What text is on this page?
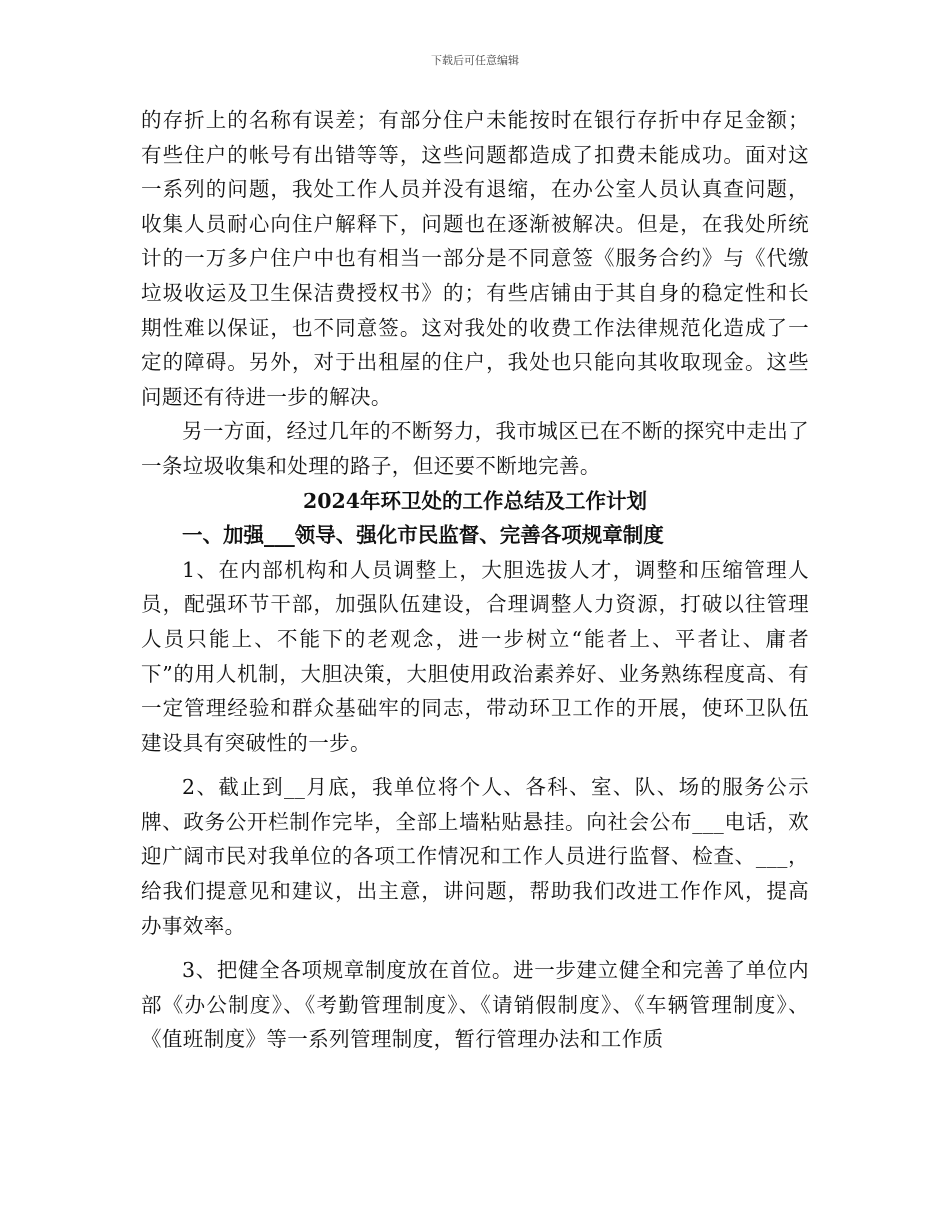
下载后可任意编辑

的存折上的名称有误差；有部分住户未能按时在银行存折中存足金额；有些住户的帐号有出错等等，这些问题都造成了扣费未能成功。面对这一系列的问题，我处工作人员并没有退缩，在办公室人员认真查问题，收集人员耐心向住户解释下，问题也在逐渐被解决。但是，在我处所统计的一万多户住户中也有相当一部分是不同意签《服务合约》与《代缴垃圾收运及卫生保洁费授权书》的；有些店铺由于其自身的稳定性和长期性难以保证，也不同意签。这对我处的收费工作法律规范化造成了一定的障碍。另外，对于出租屋的住户，我处也只能向其收取现金。这些问题还有待进一步的解决。

另一方面，经过几年的不断努力，我市城区已在不断的探究中走出了一条垃圾收集和处理的路子，但还要不断地完善。

2024年环卫处的工作总结及工作计划

一、加强___领导、强化市民监督、完善各项规章制度

1、在内部机构和人员调整上，大胆选拔人才，调整和压缩管理人员，配强环节干部，加强队伍建设，合理调整人力资源，打破以往管理人员只能上、不能下的老观念，进一步树立“能者上、平者让、庸者下”的用人机制，大胆决策，大胆使用政治素养好、业务熟练程度高、有一定管理经验和群众基础牢的同志，带动环卫工作的开展，使环卫队伍建设具有突破性的一步。

2、截止到__月底，我单位将个人、各科、室、队、场的服务公示牌、政务公开栏制作完毕，全部上墙粘贴悬挂。向社会公布___电话，欢迎广阔市民对我单位的各项工作情况和工作人员进行监督、检查、___，给我们提意见和建议，出主意，讲问题，帮助我们改进工作作风，提高办事效率。

3、把健全各项规章制度放在首位。进一步建立健全和完善了单位内部《办公制度》、《考勤管理制度》、《请销假制度》、《车辆管理制度》、《值班制度》等一系列管理制度，暂行管理办法和工作质
